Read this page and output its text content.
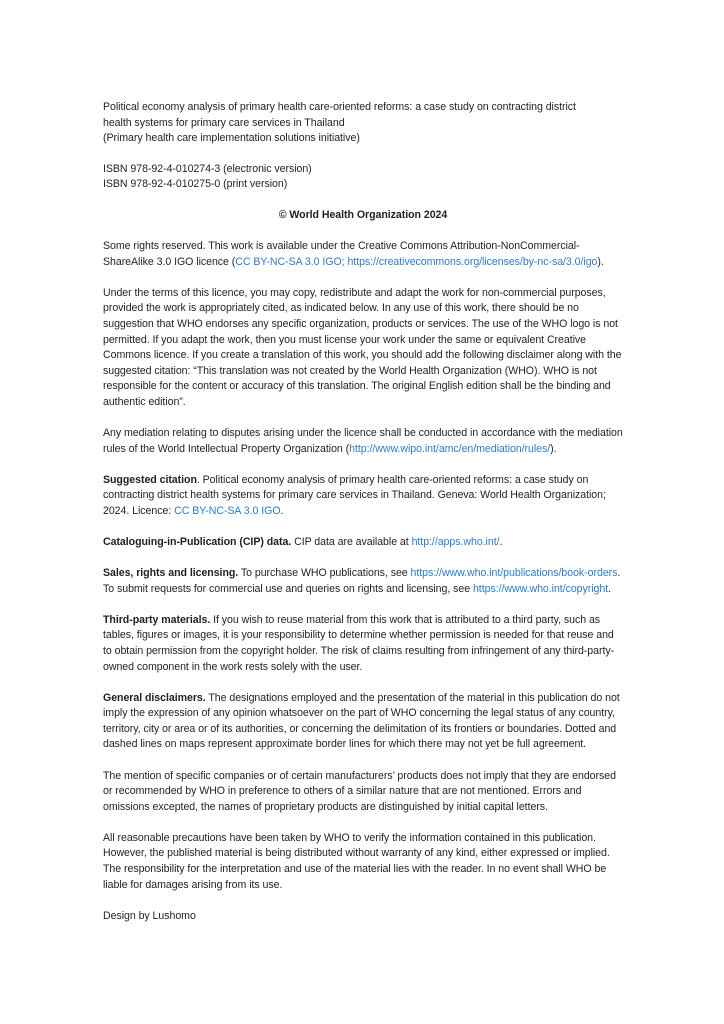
Political economy analysis of primary health care-oriented reforms: a case study on contracting district
health systems for primary care services in Thailand
(Primary health care implementation solutions initiative)

ISBN 978-92-4-010274-3 (electronic version)
ISBN 978-92-4-010275-0 (print version)

© World Health Organization 2024

Some rights reserved. This work is available under the Creative Commons Attribution-NonCommercial-ShareAlike 3.0 IGO licence (CC BY-NC-SA 3.0 IGO; https://creativecommons.org/licenses/by-nc-sa/3.0/igo).

Under the terms of this licence, you may copy, redistribute and adapt the work for non-commercial purposes, provided the work is appropriately cited, as indicated below. In any use of this work, there should be no suggestion that WHO endorses any specific organization, products or services. The use of the WHO logo is not permitted. If you adapt the work, then you must license your work under the same or equivalent Creative Commons licence. If you create a translation of this work, you should add the following disclaimer along with the suggested citation: “This translation was not created by the World Health Organization (WHO). WHO is not responsible for the content or accuracy of this translation. The original English edition shall be the binding and authentic edition”.

Any mediation relating to disputes arising under the licence shall be conducted in accordance with the mediation rules of the World Intellectual Property Organization (http://www.wipo.int/amc/en/mediation/rules/).

Suggested citation. Political economy analysis of primary health care-oriented reforms: a case study on contracting district health systems for primary care services in Thailand. Geneva: World Health Organization; 2024. Licence: CC BY-NC-SA 3.0 IGO.

Cataloguing-in-Publication (CIP) data. CIP data are available at http://apps.who.int/.

Sales, rights and licensing. To purchase WHO publications, see https://www.who.int/publications/book-orders. To submit requests for commercial use and queries on rights and licensing, see https://www.who.int/copyright.

Third-party materials. If you wish to reuse material from this work that is attributed to a third party, such as tables, figures or images, it is your responsibility to determine whether permission is needed for that reuse and to obtain permission from the copyright holder. The risk of claims resulting from infringement of any third-party-owned component in the work rests solely with the user.

General disclaimers. The designations employed and the presentation of the material in this publication do not imply the expression of any opinion whatsoever on the part of WHO concerning the legal status of any country, territory, city or area or of its authorities, or concerning the delimitation of its frontiers or boundaries. Dotted and dashed lines on maps represent approximate border lines for which there may not yet be full agreement.

The mention of specific companies or of certain manufacturers’ products does not imply that they are endorsed or recommended by WHO in preference to others of a similar nature that are not mentioned. Errors and omissions excepted, the names of proprietary products are distinguished by initial capital letters.

All reasonable precautions have been taken by WHO to verify the information contained in this publication. However, the published material is being distributed without warranty of any kind, either expressed or implied. The responsibility for the interpretation and use of the material lies with the reader. In no event shall WHO be liable for damages arising from its use.

Design by Lushomo
